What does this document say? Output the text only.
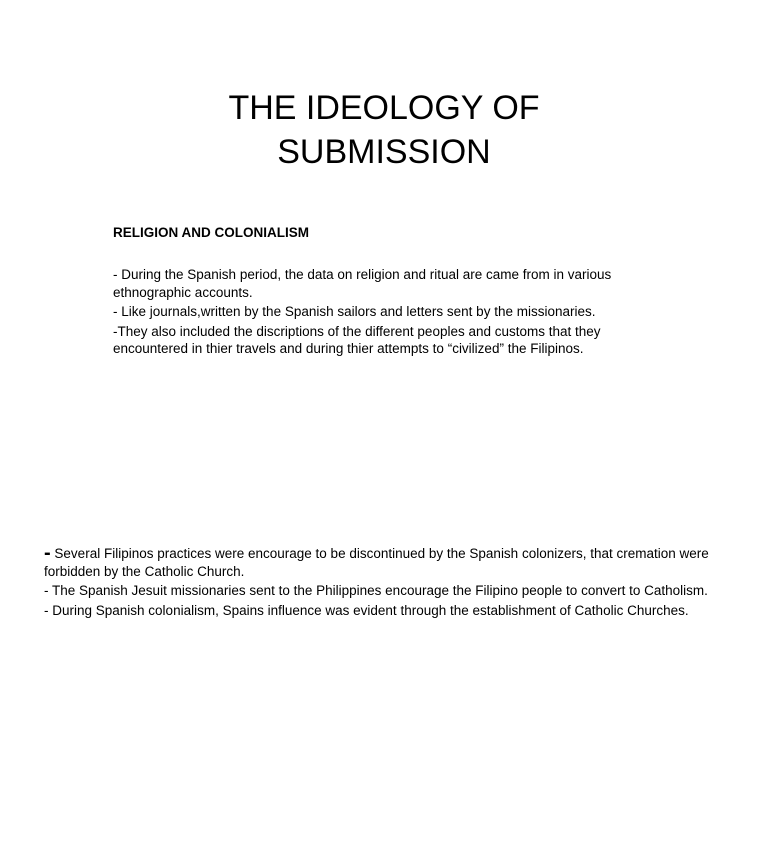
THE IDEOLOGY OF
SUBMISSION
RELIGION AND COLONIALISM

- During the Spanish period, the data on religion and ritual are came from in various ethnographic accounts.

- Like journals,written by the Spanish sailors and letters sent by the missionaries.

-They also included the discriptions of the different peoples and customs that they encountered in thier travels and during thier attempts to “civilized” the Filipinos.

- Several Filipinos practices were encourage to be discontinued by the Spanish colonizers, that cremation were forbidden by the Catholic Church.

- The Spanish Jesuit missionaries sent to the Philippines encourage the Filipino people to convert to Catholism.

- During Spanish colonialism, Spains influence was evident through the establishment of Catholic Churches.
